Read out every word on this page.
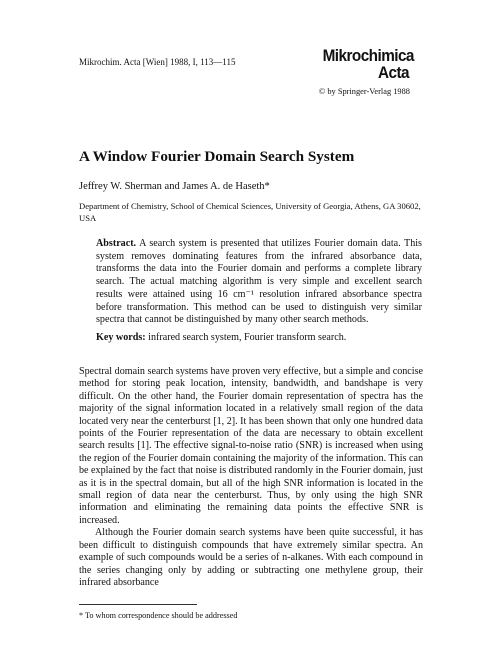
Mikrochim. Acta [Wien] 1988, I, 113—115	Mikrochimica
Acta
© by Springer-Verlag 1988
A Window Fourier Domain Search System
Jeffrey W. Sherman and James A. de Haseth*
Department of Chemistry, School of Chemical Sciences, University of Georgia, Athens, GA 30602, USA

Abstract. A search system is presented that utilizes Fourier domain data. This system removes dominating features from the infrared absorbance data, transforms the data into the Fourier domain and performs a complete library search. The actual matching algorithm is very simple and excellent search results were attained using 16 cm⁻¹ resolution infrared absorbance spectra before transformation. This method can be used to distinguish very similar spectra that cannot be distinguished by many other search methods.

Key words: infrared search system, Fourier transform search.

Spectral domain search systems have proven very effective, but a simple and concise method for storing peak location, intensity, bandwidth, and bandshape is very difficult. On the other hand, the Fourier domain representation of spectra has the majority of the signal information located in a relatively small region of the data located very near the centerburst [1, 2]. It has been shown that only one hundred data points of the Fourier representation of the data are necessary to obtain excellent search results [1]. The effective signal-to-noise ratio (SNR) is increased when using the region of the Fourier domain containing the majority of the information. This can be explained by the fact that noise is distributed randomly in the Fourier domain, just as it is in the spectral domain, but all of the high SNR information is located in the small region of data near the centerburst. Thus, by only using the high SNR information and eliminating the remaining data points the effective SNR is increased.

Although the Fourier domain search systems have been quite successful, it has been difficult to distinguish compounds that have extremely similar spectra. An example of such compounds would be a series of n-alkanes. With each compound in the series changing only by adding or subtracting one methylene group, their infrared absorbance

* To whom correspondence should be addressed
